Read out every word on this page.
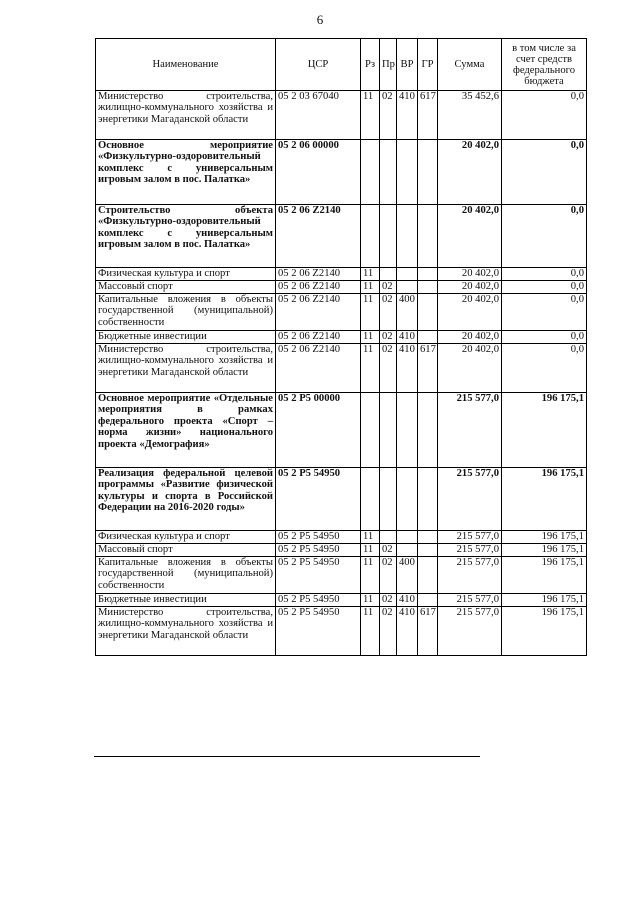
6
Наименование	ЦСР	Рз	Пр	ВР	ГР	Сумма	в том числе за счет средств федерального бюджета
Министерство строительства, жилищно-коммунального хозяйства и энергетики Магаданской области	05 2 03 67040	11	02	410	617	35 452,6	0,0
Основное мероприятие «Физкультурно-оздоровительный комплекс с универсальным игровым залом в пос. Палатка»	05 2 06 00000					20 402,0	0,0
Строительство объекта «Физкультурно-оздоровительный комплекс с универсальным игровым залом в пос. Палатка»	05 2 06 Z2140					20 402,0	0,0
Физическая культура и спорт	05 2 06 Z2140	11				20 402,0	0,0
Массовый спорт	05 2 06 Z2140	11	02			20 402,0	0,0
Капитальные вложения в объекты государственной (муниципальной) собственности	05 2 06 Z2140	11	02	400		20 402,0	0,0
Бюджетные инвестиции	05 2 06 Z2140	11	02	410		20 402,0	0,0
Министерство строительства, жилищно-коммунального хозяйства и энергетики Магаданской области	05 2 06 Z2140	11	02	410	617	20 402,0	0,0
Основное мероприятие «Отдельные мероприятия в рамках федерального проекта «Спорт – норма жизни» национального проекта «Демография»	05 2 P5 00000					215 577,0	196 175,1
Реализация федеральной целевой программы «Развитие физической культуры и спорта в Российской Федерации на 2016-2020 годы»	05 2 P5 54950					215 577,0	196 175,1
Физическая культура и спорт	05 2 P5 54950	11				215 577,0	196 175,1
Массовый спорт	05 2 P5 54950	11	02			215 577,0	196 175,1
Капитальные вложения в объекты государственной (муниципальной) собственности	05 2 P5 54950	11	02	400		215 577,0	196 175,1
Бюджетные инвестиции	05 2 P5 54950	11	02	410		215 577,0	196 175,1
Министерство строительства, жилищно-коммунального хозяйства и энергетики Магаданской области	05 2 P5 54950	11	02	410	617	215 577,0	196 175,1
